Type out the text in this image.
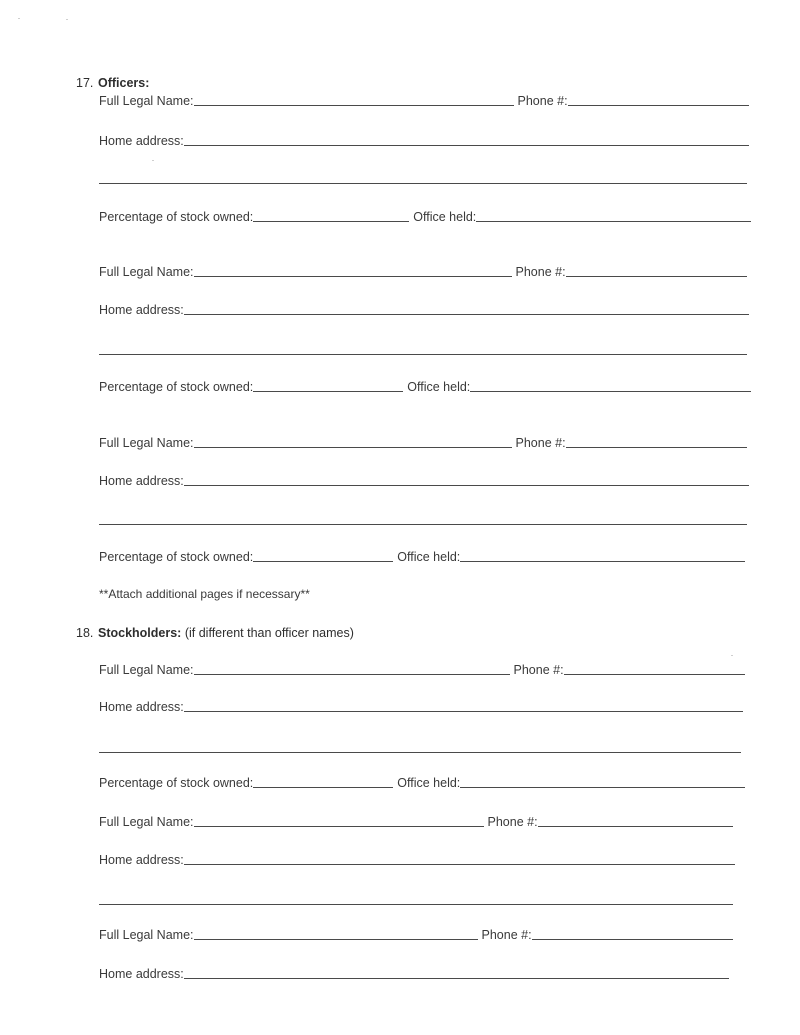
17. Officers:
Full Legal Name:	Phone #:
Home address:
Percentage of stock owned:	Office held:
Full Legal Name:	Phone #:
Home address:
Percentage of stock owned:	Office held:
Full Legal Name:	Phone #:
Home address:
Percentage of stock owned:	Office held:
**Attach additional pages if necessary**
18. Stockholders: (if different than officer names)
Full Legal Name:	Phone #:
Home address:
Percentage of stock owned:	Office held:
Full Legal Name:	Phone #:
Home address:
Full Legal Name:	Phone #:
Home address:
